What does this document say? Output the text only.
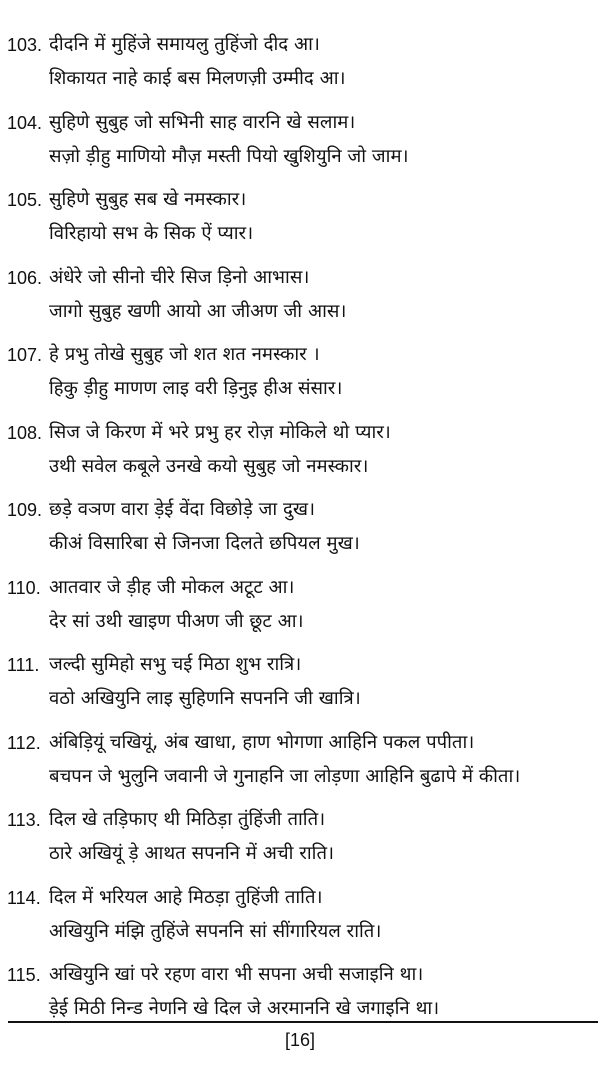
103. दीदनि में मुहिंजे समायलु तुहिंजो दीद आ।
शिकायत नाहे काई बस मिलणज़ी उम्मीद आ।
104. सुहिणे सुबुह जो सभिनी साह वारनि खे सलाम।
सज़ो ड़ीहु माणियो मौज़ मस्ती पियो खुशियुनि जो जाम।
105. सुहिणे सुबुह सब खे नमस्कार।
विरिहायो सभ के सिक ऐं प्यार।
106. अंधेरे जो सीनो चीरे सिज ड़िनो आभास।
जागो सुबुह खणी आयो आ जीअण जी आस।
107. हे प्रभु तोखे सुबुह जो शत शत नमस्कार ।
हिकु ड़ीहु माणण लाइ वरी ड़िनुइ हीअ संसार।
108. सिज जे किरण में भरे प्रभु हर रोज़ मोकिले थो प्यार।
उथी सवेल कबूले उनखे कयो सुबुह जो नमस्कार।
109. छड़े वञण वारा ड़ेई वेंदा विछोड़े जा दुख।
कीअं विसारिबा से जिनजा दिलते छपियल मुख।
110. आतवार जे ड़ीह जी मोकल अटूट आ।
देर सां उथी खाइण पीअण जी छूट आ।
111. जल्दी सुमिहो सभु चई मिठा शुभ रात्रि।
वठो अखियुनि लाइ सुहिणनि सपननि जी खात्रि।
112. अंबिड़ियूं चखियूं, अंब खाधा, हाण भोगणा आहिनि पकल पपीता।
बचपन जे भुलुनि जवानी जे गुनाहनि जा लोड़णा आहिनि बुढापे में कीता।
113. दिल खे तड़िफाए थी मिठिड़ा तुंहिंजी ताति।
ठारे अखियूं ड़े आथत सपननि में अची राति।
114. दिल में भरियल आहे मिठड़ा तुहिंजी ताति।
अखियुनि मंझि तुहिंजे सपननि सां सींगारियल राति।
115. अखियुनि खां परे रहण वारा भी सपना अची सजाइनि था।
ड़ेई मिठी निन्ड नेणनि खे दिल जे अरमाननि खे जगाइनि था।
[16]
